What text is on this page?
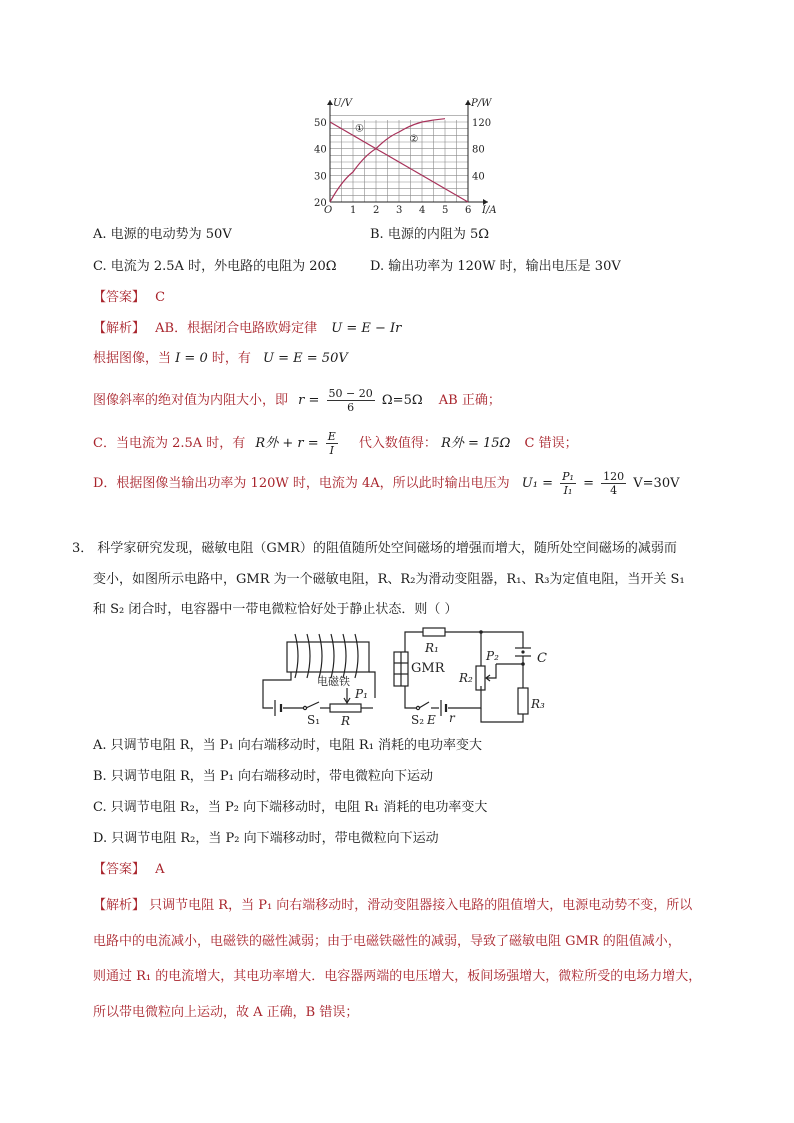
①
②
1 2 3 4 5 6
O
20
30
40
50
40
80
120
U/V	P/W
I/A
A. 电源的电动势为 50V	B. 电源的内阻为 5Ω
C. 电流为 2.5A 时，外电路的电阻为 20Ω	D. 输出功率为 120W 时，输出电压是 30V
【答案】 C
【解析】 AB．根据闭合电路欧姆定律 U = E − Ir
根据图像，当 I = 0 时，有 U = E = 50V
图像斜率的绝对值为内阻大小，即 $r = \frac{50 - 20}{6} \Omega=5\Omega$ AB 正确；
C．当电流为 2.5A 时，有 R外 + $r = \frac{E}{I}$ 代入数值得： R外 = 15Ω C 错误；
D．根据图像当输出功率为 120W 时，电流为 4A，所以此时输出电压为 $U_1 = \frac{\text{P₁}}{\text{I₁}} = \frac{120}{4} V=30V$
3． 科学家研究发现，磁敏电阻（GMR）的阻值随所处空间磁场的增强而增大，随所处空间磁场的减弱而
变小，如图所示电路中，GMR 为一个磁敏电阻，R、R₂为滑动变阻器，R₁、R₃为定值电阻，当开关 S₁
和 S₂ 闭合时，电容器中一带电微粒恰好处于静止状态．则（ ）
电磁铁
P₁
S₁ R
R₁
GMR
P₂
R₂
C
R₃
S₂ E r
A. 只调节电阻 R，当 P₁ 向右端移动时，电阻 R₁ 消耗的电功率变大
B. 只调节电阻 R，当 P₁ 向右端移动时，带电微粒向下运动
C. 只调节电阻 R₂，当 P₂ 向下端移动时，电阻 R₁ 消耗的电功率变大
D. 只调节电阻 R₂，当 P₂ 向下端移动时，带电微粒向下运动
【答案】 A
【解析】 只调节电阻 R，当 P₁ 向右端移动时，滑动变阻器接入电路的阻值增大，电源电动势不变，所以
电路中的电流减小，电磁铁的磁性减弱；由于电磁铁磁性的减弱，导致了磁敏电阻 GMR 的阻值减小，
则通过 R₁ 的电流增大，其电功率增大．电容器两端的电压增大，板间场强增大，微粒所受的电场力增大，
所以带电微粒向上运动，故 A 正确，B 错误；
